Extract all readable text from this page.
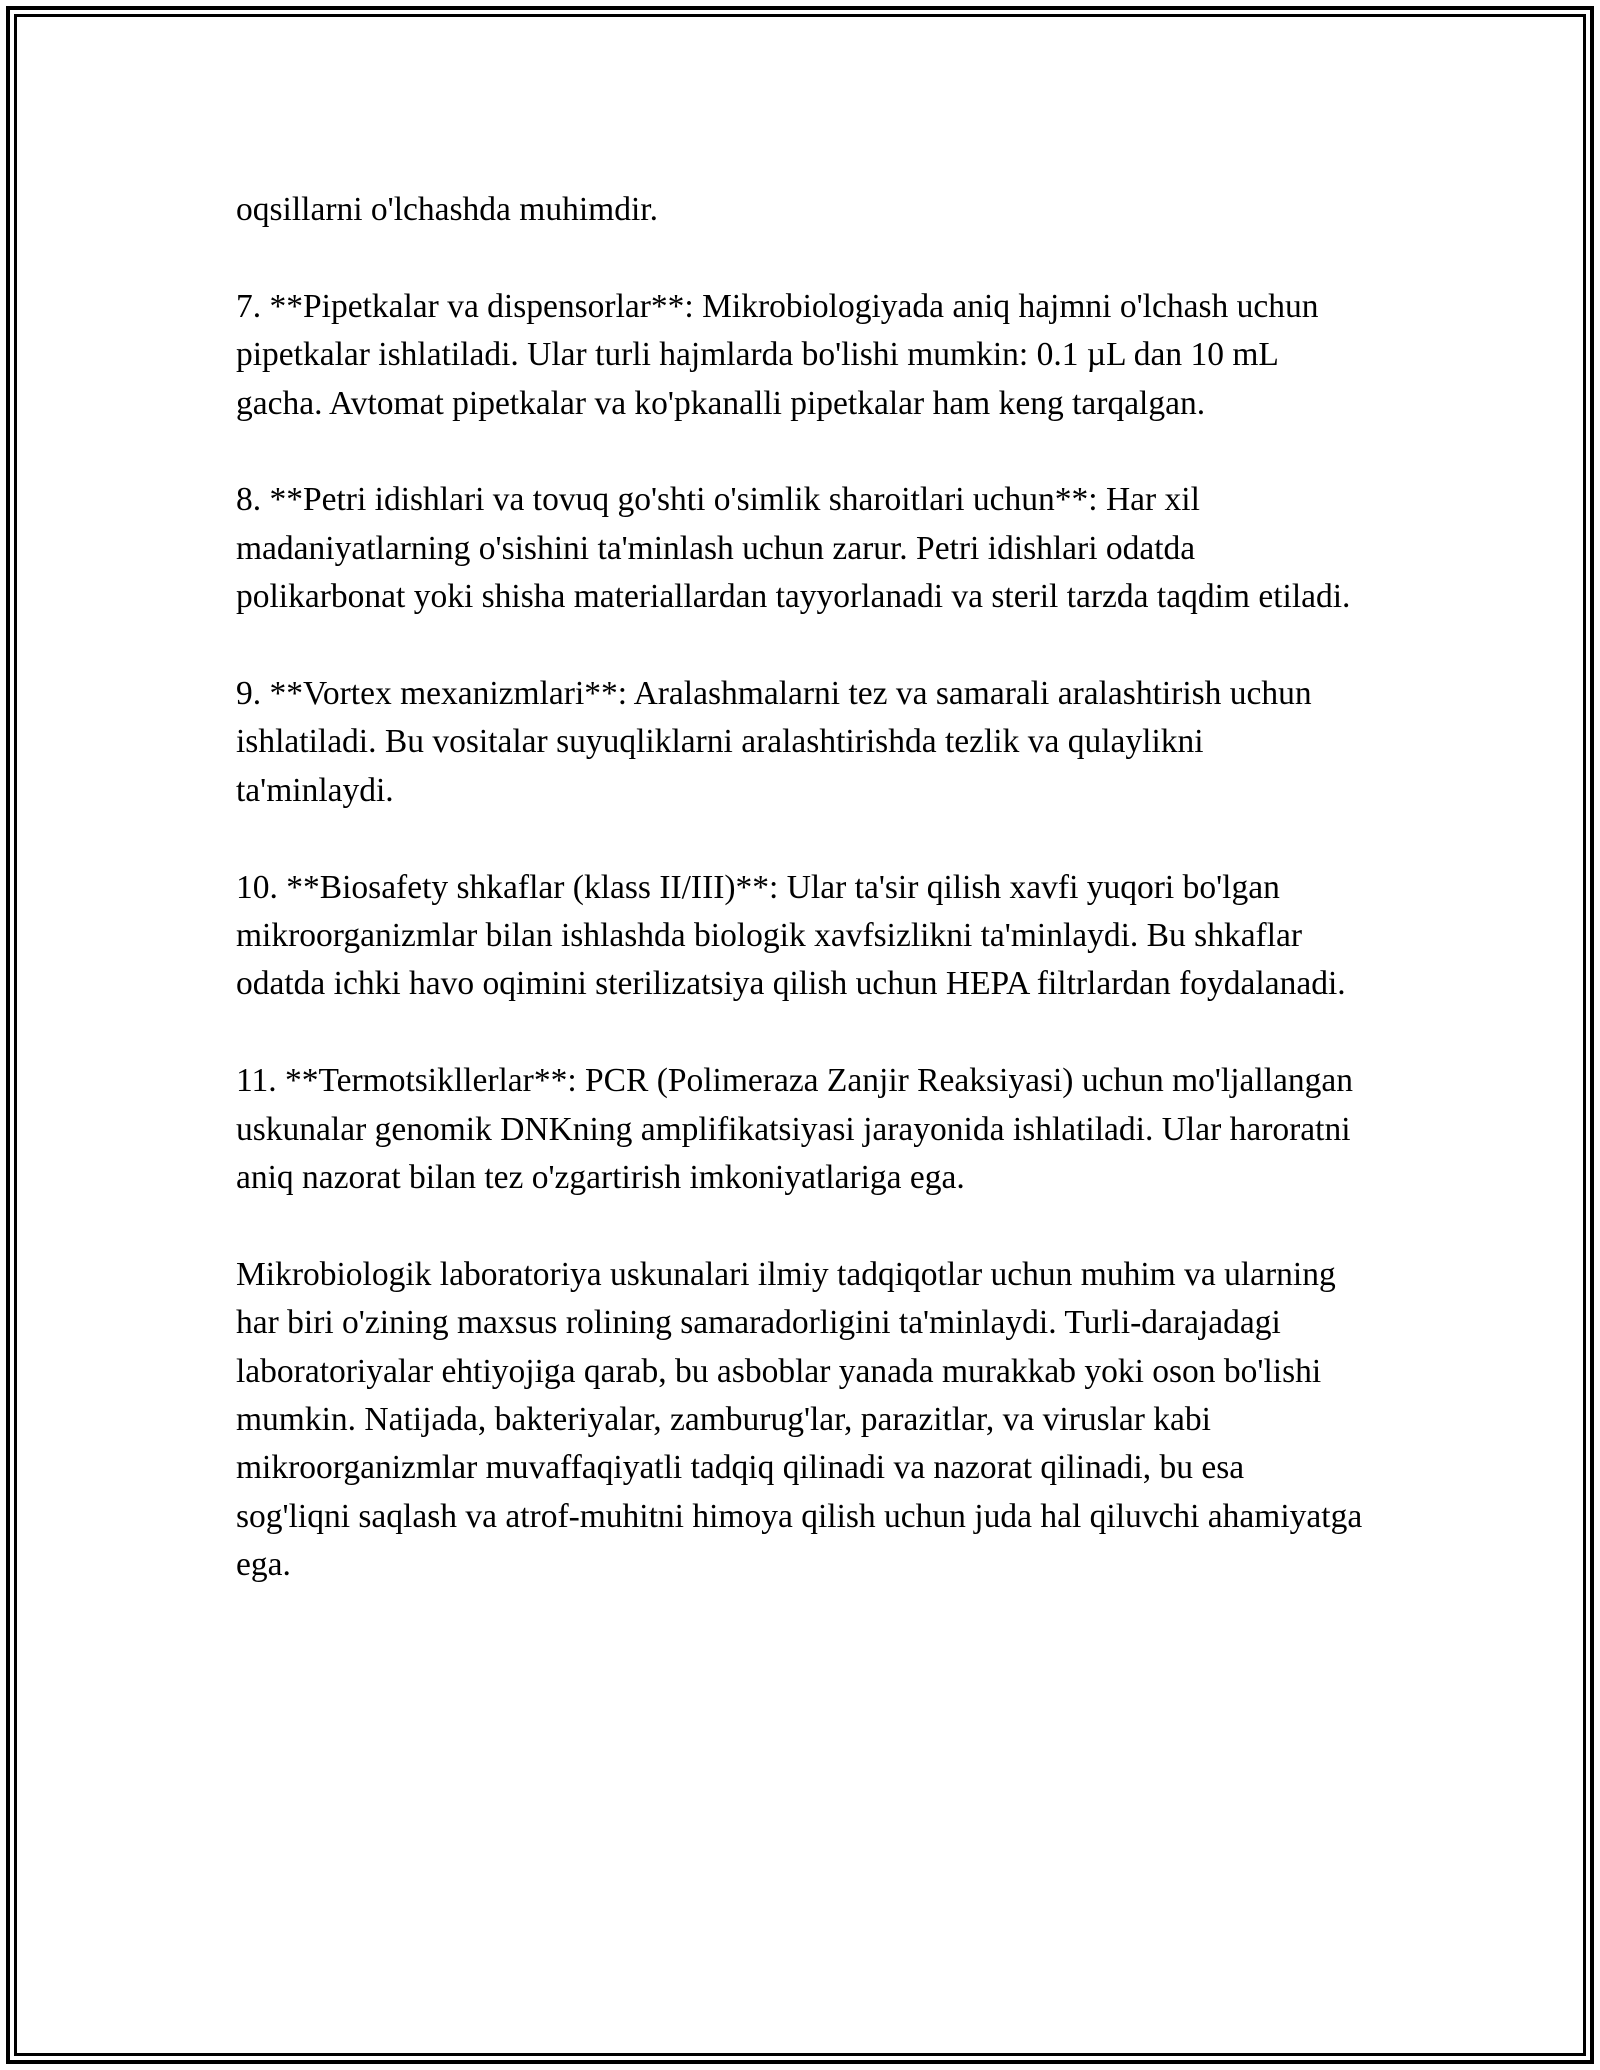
oqsillarni o'lchashda muhimdir.

7. **Pipetkalar va dispensorlar**: Mikrobiologiyada aniq hajmni o'lchash uchun pipetkalar ishlatiladi. Ular turli hajmlarda bo'lishi mumkin: 0.1 µL dan 10 mL gacha. Avtomat pipetkalar va ko'pkanalli pipetkalar ham keng tarqalgan.

8. **Petri idishlari va tovuq go'shti o'simlik sharoitlari uchun**: Har xil madaniyatlarning o'sishini ta'minlash uchun zarur. Petri idishlari odatda polikarbonat yoki shisha materiallardan tayyorlanadi va steril tarzda taqdim etiladi.

9. **Vortex mexanizmlari**: Aralashmalarni tez va samarali aralashtirish uchun ishlatiladi. Bu vositalar suyuqliklarni aralashtirishda tezlik va qulaylikni ta'minlaydi.

10. **Biosafety shkaflar (klass II/III)**: Ular ta'sir qilish xavfi yuqori bo'lgan mikroorganizmlar bilan ishlashda biologik xavfsizlikni ta'minlaydi. Bu shkaflar odatda ichki havo oqimini sterilizatsiya qilish uchun HEPA filtrlardan foydalanadi.

11. **Termotsikllerlar**: PCR (Polimeraza Zanjir Reaksiyasi) uchun mo'ljallangan uskunalar genomik DNKning amplifikatsiyasi jarayonida ishlatiladi. Ular haroratni aniq nazorat bilan tez o'zgartirish imkoniyatlariga ega.

Mikrobiologik laboratoriya uskunalari ilmiy tadqiqotlar uchun muhim va ularning har biri o'zining maxsus rolining samaradorligini ta'minlaydi. Turli-darajadagi laboratoriyalar ehtiyojiga qarab, bu asboblar yanada murakkab yoki oson bo'lishi mumkin. Natijada, bakteriyalar, zamburug'lar, parazitlar, va viruslar kabi mikroorganizmlar muvaffaqiyatli tadqiq qilinadi va nazorat qilinadi, bu esa sog'liqni saqlash va atrof-muhitni himoya qilish uchun juda hal qiluvchi ahamiyatga ega.
